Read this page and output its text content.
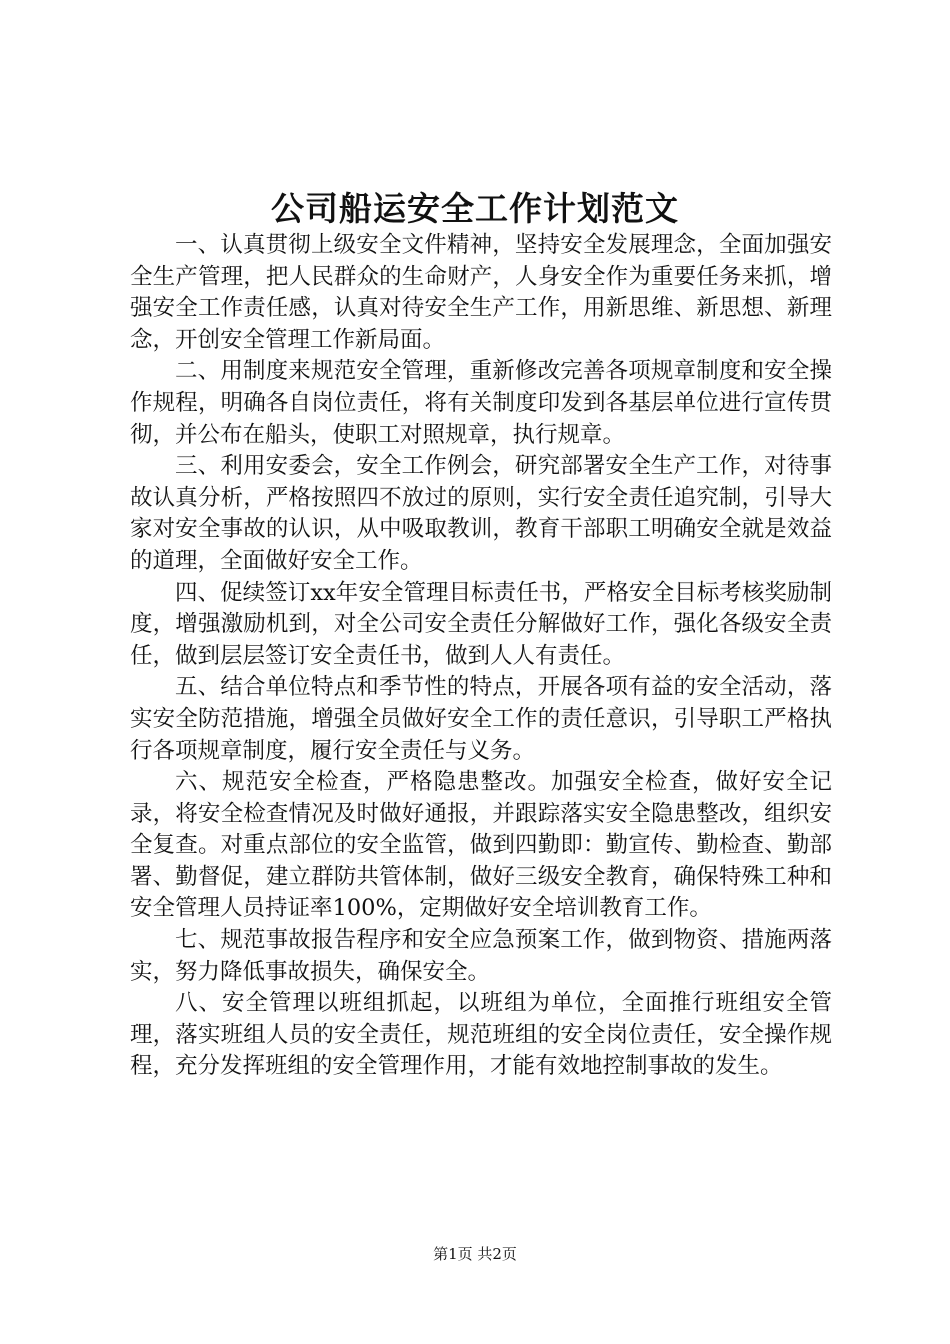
公司船运安全工作计划范文

一、认真贯彻上级安全文件精神，坚持安全发展理念，全面加强安全生产管理，把人民群众的生命财产，人身安全作为重要任务来抓，增强安全工作责任感，认真对待安全生产工作，用新思维、新思想、新理念，开创安全管理工作新局面。

二、用制度来规范安全管理，重新修改完善各项规章制度和安全操作规程，明确各自岗位责任，将有关制度印发到各基层单位进行宣传贯彻，并公布在船头，使职工对照规章，执行规章。

三、利用安委会，安全工作例会，研究部署安全生产工作，对待事故认真分析，严格按照四不放过的原则，实行安全责任追究制，引导大家对安全事故的认识，从中吸取教训，教育干部职工明确安全就是效益的道理，全面做好安全工作。

四、促续签订xx年安全管理目标责任书，严格安全目标考核奖励制度，增强激励机到，对全公司安全责任分解做好工作，强化各级安全责任，做到层层签订安全责任书，做到人人有责任。

五、结合单位特点和季节性的特点，开展各项有益的安全活动，落实安全防范措施，增强全员做好安全工作的责任意识，引导职工严格执行各项规章制度，履行安全责任与义务。

六、规范安全检查，严格隐患整改。加强安全检查，做好安全记录，将安全检查情况及时做好通报，并跟踪落实安全隐患整改，组织安全复查。对重点部位的安全监管，做到四勤即：勤宣传、勤检查、勤部署、勤督促，建立群防共管体制，做好三级安全教育，确保特殊工种和安全管理人员持证率100%，定期做好安全培训教育工作。

七、规范事故报告程序和安全应急预案工作，做到物资、措施两落实，努力降低事故损失，确保安全。

八、安全管理以班组抓起，以班组为单位，全面推行班组安全管理，落实班组人员的安全责任，规范班组的安全岗位责任，安全操作规程，充分发挥班组的安全管理作用，才能有效地控制事故的发生。

第1页 共2页
